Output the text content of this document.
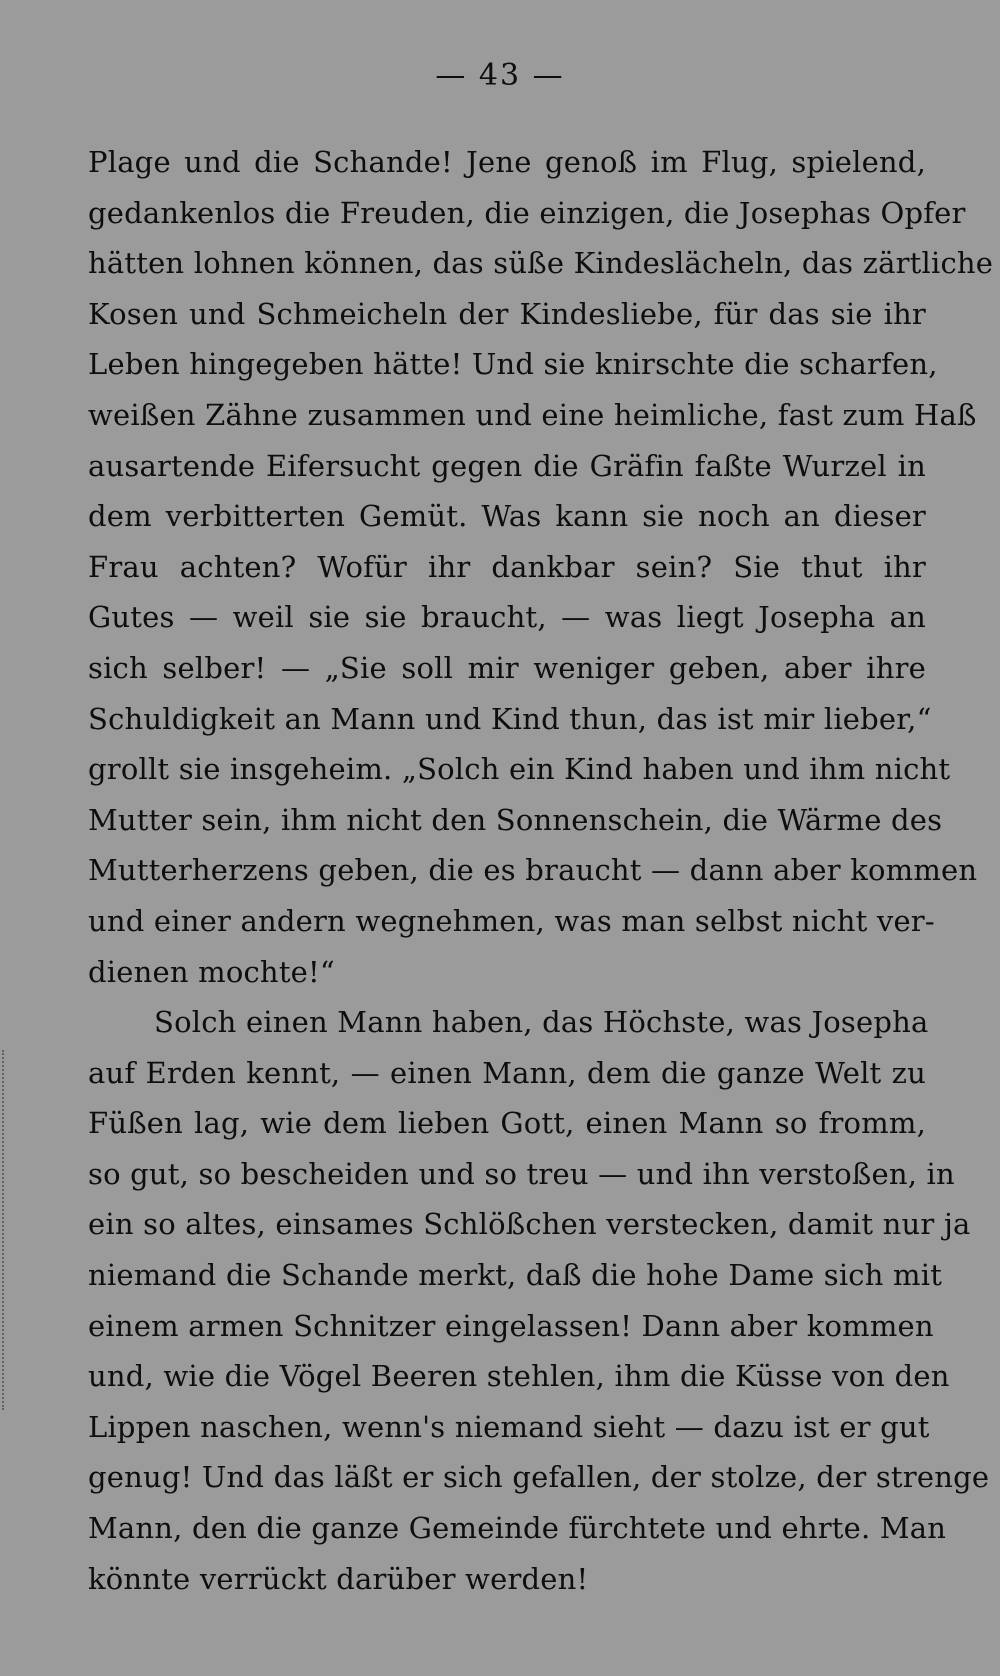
— 43 —
Plage und die Schande! Jene genoß im Flug, spielend,
gedankenlos die Freuden, die einzigen, die Josephas Opfer
hätten lohnen können, das süße Kindeslächeln, das zärtliche
Kosen und Schmeicheln der Kindesliebe, für das sie ihr
Leben hingegeben hätte! Und sie knirschte die scharfen,
weißen Zähne zusammen und eine heimliche, fast zum Haß
ausartende Eifersucht gegen die Gräfin faßte Wurzel in
dem verbitterten Gemüt. Was kann sie noch an dieser
Frau achten? Wofür ihr dankbar sein? Sie thut ihr
Gutes — weil sie sie braucht, — was liegt Josepha an
sich selber! — „Sie soll mir weniger geben, aber ihre
Schuldigkeit an Mann und Kind thun, das ist mir lieber,“
grollt sie insgeheim. „Solch ein Kind haben und ihm nicht
Mutter sein, ihm nicht den Sonnenschein, die Wärme des
Mutterherzens geben, die es braucht — dann aber kommen
und einer andern wegnehmen, was man selbst nicht ver-
dienen mochte!“
Solch einen Mann haben, das Höchste, was Josepha
auf Erden kennt, — einen Mann, dem die ganze Welt zu
Füßen lag, wie dem lieben Gott, einen Mann so fromm,
so gut, so bescheiden und so treu — und ihn verstoßen, in
ein so altes, einsames Schlößchen verstecken, damit nur ja
niemand die Schande merkt, daß die hohe Dame sich mit
einem armen Schnitzer eingelassen! Dann aber kommen
und, wie die Vögel Beeren stehlen, ihm die Küsse von den
Lippen naschen, wenn's niemand sieht — dazu ist er gut
genug! Und das läßt er sich gefallen, der stolze, der strenge
Mann, den die ganze Gemeinde fürchtete und ehrte. Man
könnte verrückt darüber werden!
